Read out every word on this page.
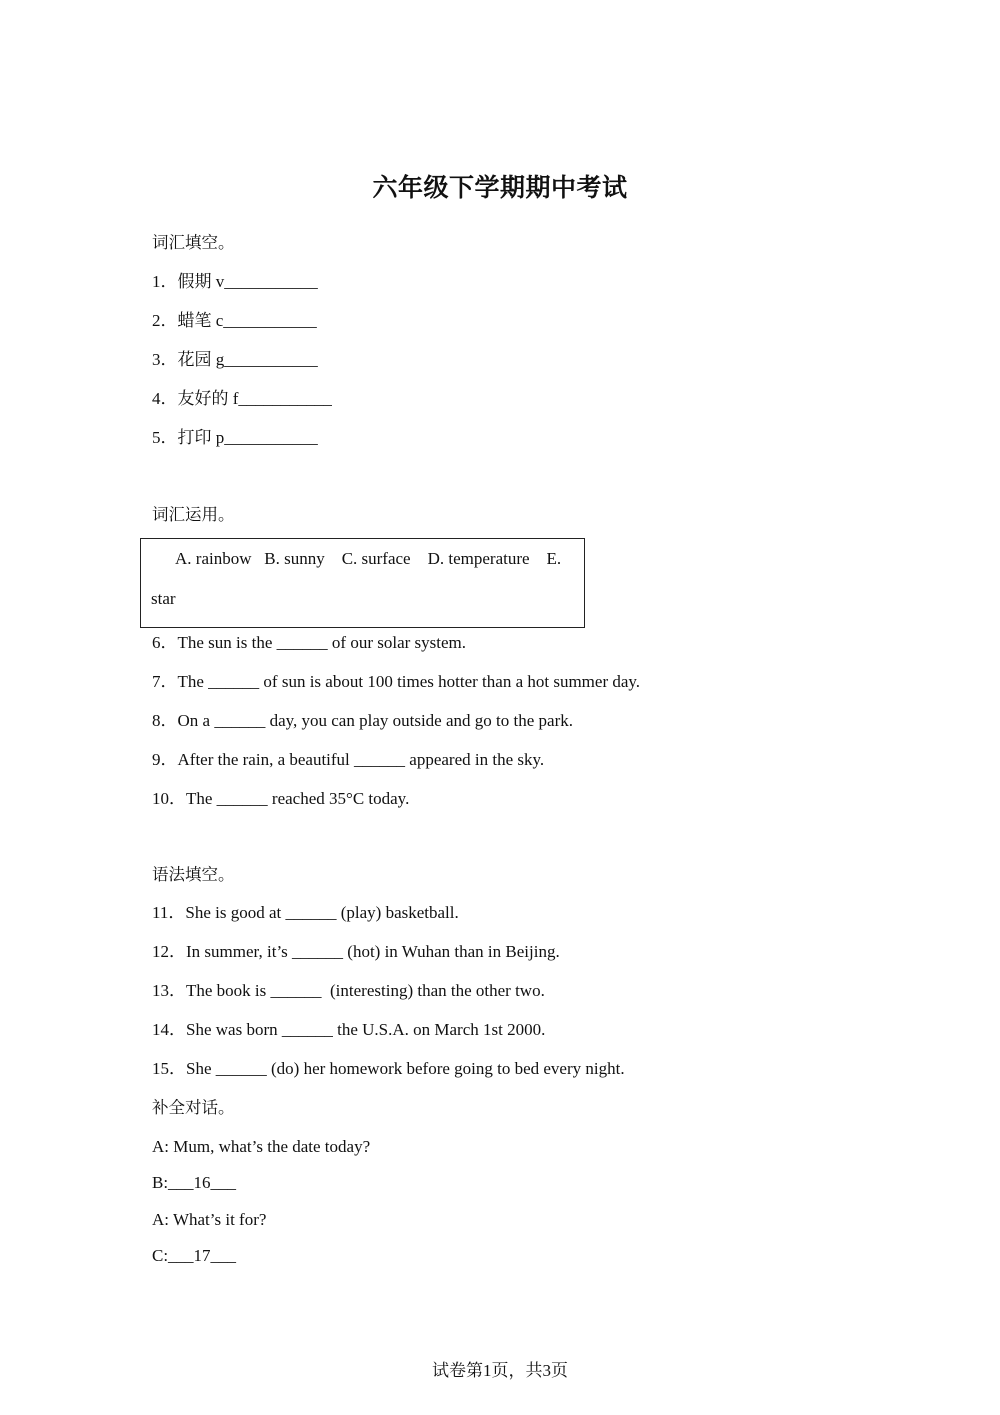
六年级下学期期中考试
词汇填空。
1．假期 v___________
2．蜡笔 c___________
3．花园 g___________
4．友好的 f___________
5．打印 p___________
词汇运用。
A. rainbow   B. sunny    C. surface    D. temperature    E.
star
6．The sun is the ______ of our solar system.
7．The ______ of sun is about 100 times hotter than a hot summer day.
8．On a ______ day, you can play outside and go to the park.
9．After the rain, a beautiful ______ appeared in the sky.
10．The ______ reached 35°C today.
语法填空。
11．She is good at ______ (play) basketball.
12．In summer, it’s ______ (hot) in Wuhan than in Beijing.
13．The book is ______  (interesting) than the other two.
14．She was born ______ the U.S.A. on March 1st 2000.
15．She ______ (do) her homework before going to bed every night.
补全对话。
A: Mum, what’s the date today?
B:___16___
A: What’s it for?
C:___17___
试卷第1页，共3页
